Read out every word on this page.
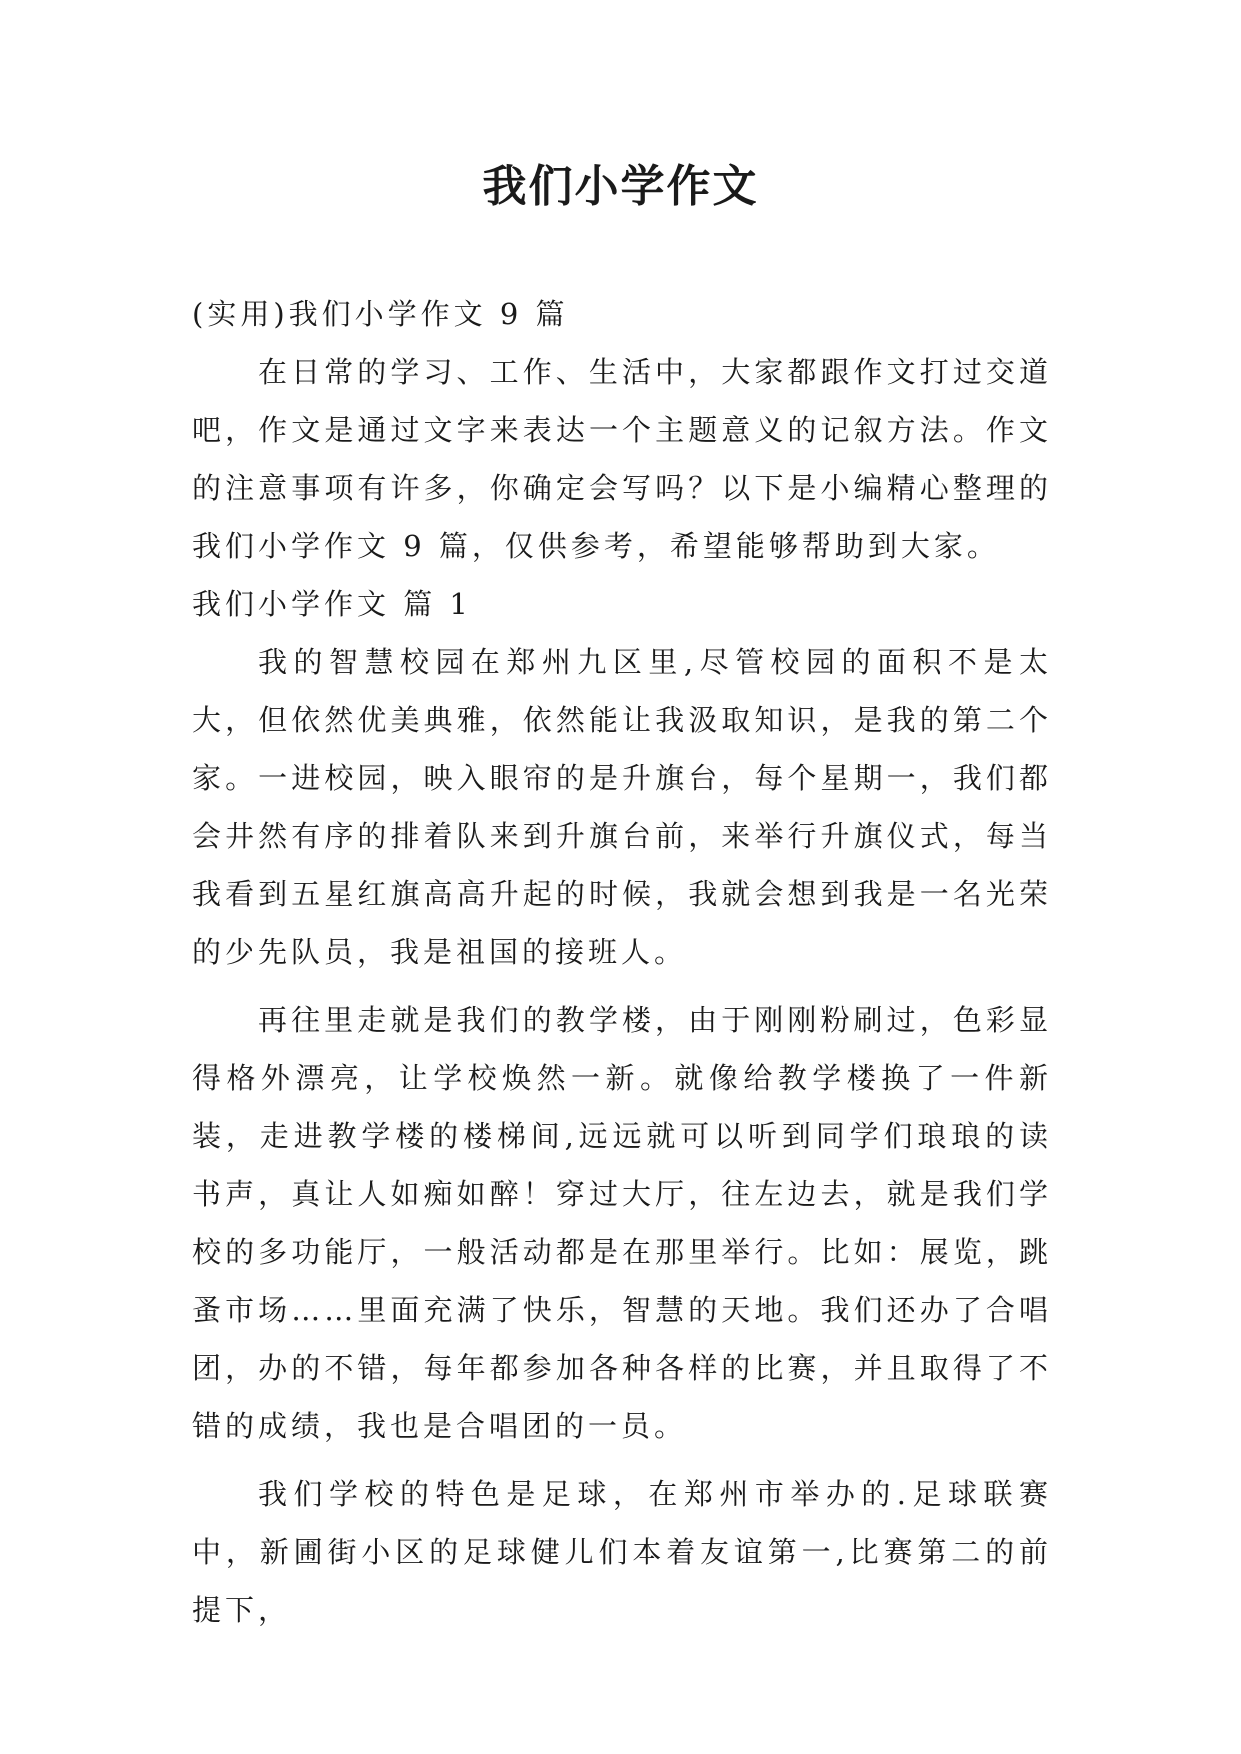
我们小学作文

(实用)我们小学作文 9 篇

在日常的学习、工作、生活中，大家都跟作文打过交道吧，作文是通过文字来表达一个主题意义的记叙方法。作文的注意事项有许多，你确定会写吗？以下是小编精心整理的我们小学作文 9 篇，仅供参考，希望能够帮助到大家。

我们小学作文 篇 1

我的智慧校园在郑州九区里,尽管校园的面积不是太大，但依然优美典雅，依然能让我汲取知识，是我的第二个家。一进校园，映入眼帘的是升旗台，每个星期一，我们都会井然有序的排着队来到升旗台前，来举行升旗仪式，每当我看到五星红旗高高升起的时候，我就会想到我是一名光荣的少先队员，我是祖国的接班人。

再往里走就是我们的教学楼，由于刚刚粉刷过，色彩显得格外漂亮，让学校焕然一新。就像给教学楼换了一件新装，走进教学楼的楼梯间,远远就可以听到同学们琅琅的读书声，真让人如痴如醉！穿过大厅，往左边去，就是我们学校的多功能厅，一般活动都是在那里举行。比如：展览，跳蚤市场……里面充满了快乐，智慧的天地。我们还办了合唱团，办的不错，每年都参加各种各样的比赛，并且取得了不错的成绩，我也是合唱团的一员。

我们学校的特色是足球，在郑州市举办的.足球联赛中，新圃街小区的足球健儿们本着友谊第一,比赛第二的前提下，
